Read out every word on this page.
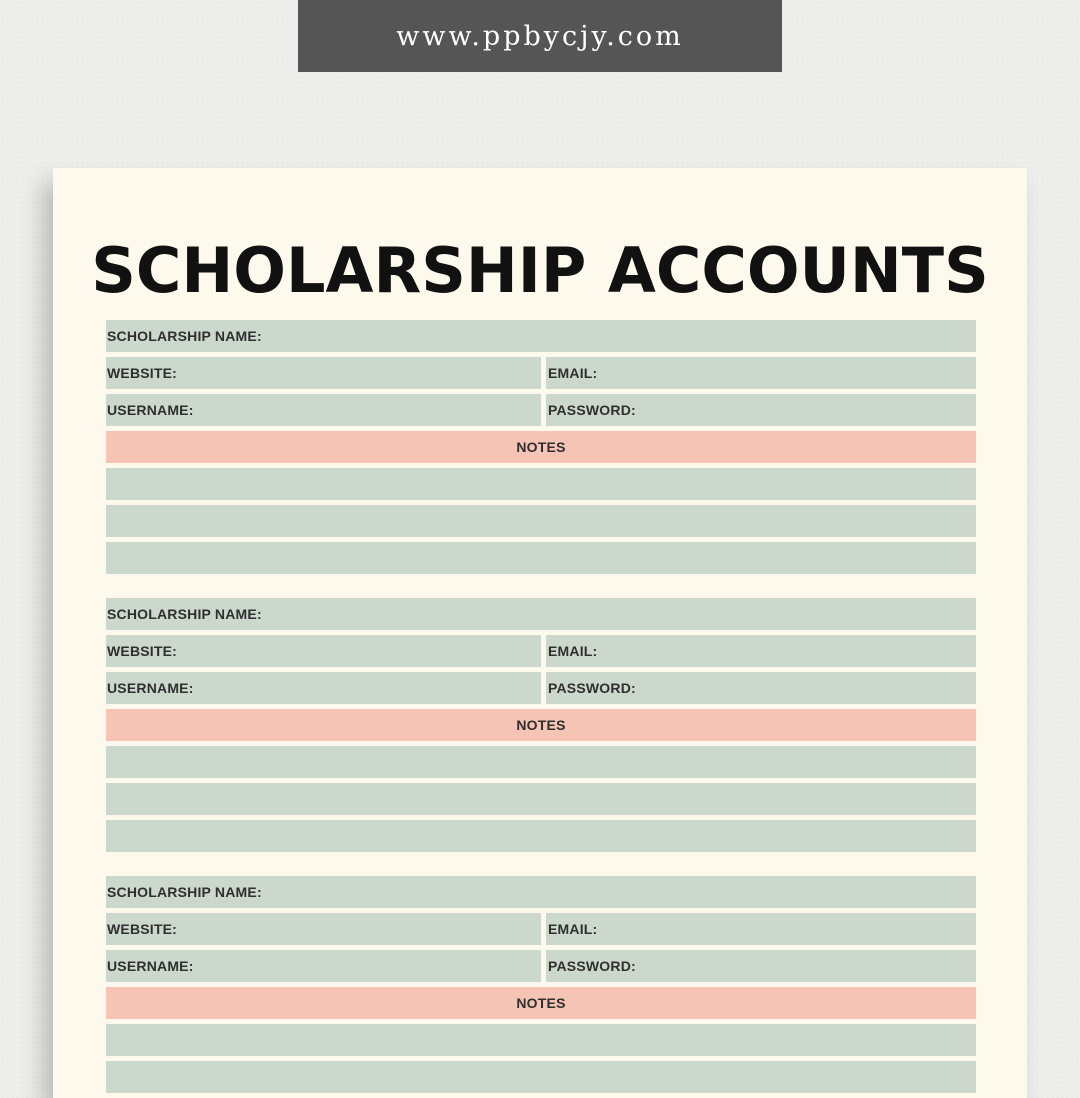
www.ppbycjy.com
SCHOLARSHIP ACCOUNTS
SCHOLARSHIP NAME:
WEBSITE:	EMAIL:
USERNAME:	PASSWORD:
NOTES
SCHOLARSHIP NAME:
WEBSITE:	EMAIL:
USERNAME:	PASSWORD:
NOTES
SCHOLARSHIP NAME:
WEBSITE:	EMAIL:
USERNAME:	PASSWORD:
NOTES
